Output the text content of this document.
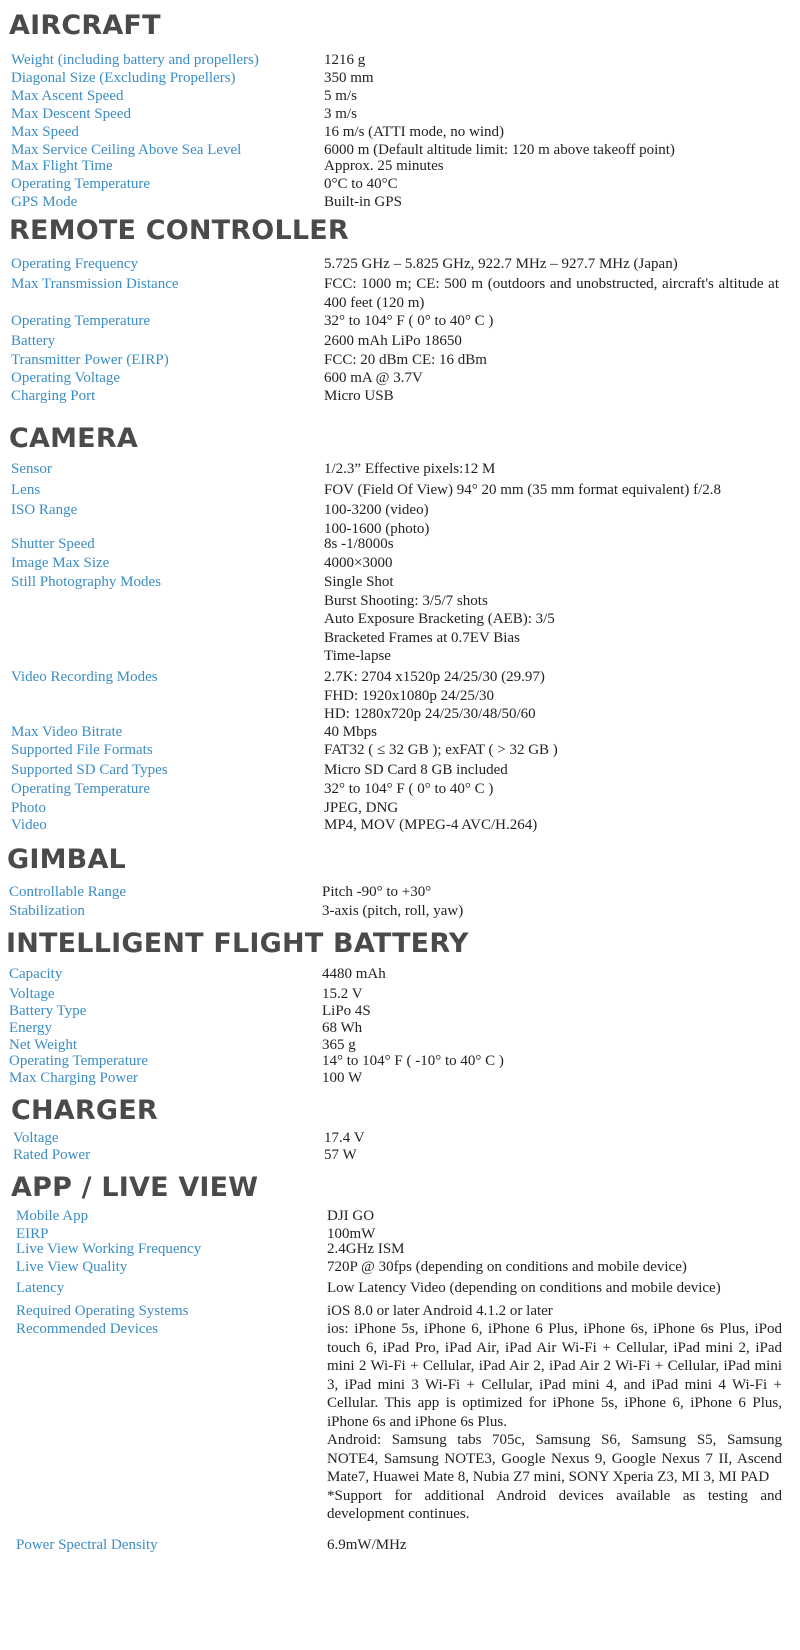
AIRCRAFT
REMOTE CONTROLLER
CAMERA
GIMBAL
INTELLIGENT FLIGHT BATTERY
CHARGER
APP / LIVE VIEW
Weight (including battery and propellers)	1216 g
Diagonal Size (Excluding Propellers)	350 mm
Max Ascent Speed	5 m/s
Max Descent Speed	3 m/s
Max Speed	16 m/s (ATTI mode, no wind)
Max Service Ceiling Above Sea Level	6000 m (Default altitude limit: 120 m above takeoff point)
Max Flight Time	Approx. 25 minutes
Operating Temperature	0°C to 40°C
GPS Mode	Built-in GPS
Operating Frequency	5.725 GHz – 5.825 GHz, 922.7 MHz – 927.7 MHz (Japan)
Max Transmission Distance	FCC: 1000 m; CE: 500 m (outdoors and unobstructed, aircraft's altitude at 400 feet (120 m)
Operating Temperature	32° to 104° F ( 0° to 40° C )
Battery	2600 mAh LiPo 18650
Transmitter Power (EIRP)	FCC: 20 dBm CE: 16 dBm
Operating Voltage	600 mA @ 3.7V
Charging Port	Micro USB
Sensor	1/2.3” Effective pixels:12 M
Lens	FOV (Field Of View) 94° 20 mm (35 mm format equivalent) f/2.8
ISO Range	100-3200 (video)
100-1600 (photo)
Shutter Speed	8s -1/8000s
Image Max Size	4000×3000
Still Photography Modes	Single Shot
Burst Shooting: 3/5/7 shots
Auto Exposure Bracketing (AEB): 3/5
Bracketed Frames at 0.7EV Bias
Time-lapse
Video Recording Modes	2.7K: 2704 x1520p 24/25/30 (29.97)
FHD: 1920x1080p 24/25/30
HD: 1280x720p 24/25/30/48/50/60
Max Video Bitrate	40 Mbps
Supported File Formats	FAT32 ( ≤ 32 GB ); exFAT ( > 32 GB )
Supported SD Card Types	Micro SD Card 8 GB included
Operating Temperature	32° to 104° F ( 0° to 40° C )
Photo	JPEG, DNG
Video	MP4, MOV (MPEG-4 AVC/H.264)
Controllable Range	Pitch -90° to +30°
Stabilization	3-axis (pitch, roll, yaw)
Capacity	4480 mAh
Voltage	15.2 V
Battery Type	LiPo 4S
Energy	68 Wh
Net Weight	365 g
Operating Temperature	14° to 104° F ( -10° to 40° C )
Max Charging Power	100 W
Voltage	17.4 V
Rated Power	57 W
Mobile App	DJI GO
EIRP	100mW
Live View Working Frequency	2.4GHz ISM
Live View Quality	720P @ 30fps (depending on conditions and mobile device)
Latency	Low Latency Video (depending on conditions and mobile device)
Required Operating Systems	iOS 8.0 or later Android 4.1.2 or later
Recommended Devices	ios: iPhone 5s, iPhone 6, iPhone 6 Plus, iPhone 6s, iPhone 6s Plus, iPod touch 6, iPad Pro, iPad Air, iPad Air Wi-Fi + Cellular, iPad mini 2, iPad mini 2 Wi-Fi + Cellular, iPad Air 2, iPad Air 2 Wi-Fi + Cellular, iPad mini 3, iPad mini 3 Wi-Fi + Cellular, iPad mini 4, and iPad mini 4 Wi-Fi + Cellular. This app is optimized for iPhone 5s, iPhone 6, iPhone 6 Plus, iPhone 6s and iPhone 6s Plus.
Android: Samsung tabs 705c, Samsung S6, Samsung S5, Samsung NOTE4, Samsung NOTE3, Google Nexus 9, Google Nexus 7 II, Ascend Mate7, Huawei Mate 8, Nubia Z7 mini, SONY Xperia Z3, MI 3, MI PAD
*Support for additional Android devices available as testing and development continues.
Power Spectral Density	6.9mW/MHz
